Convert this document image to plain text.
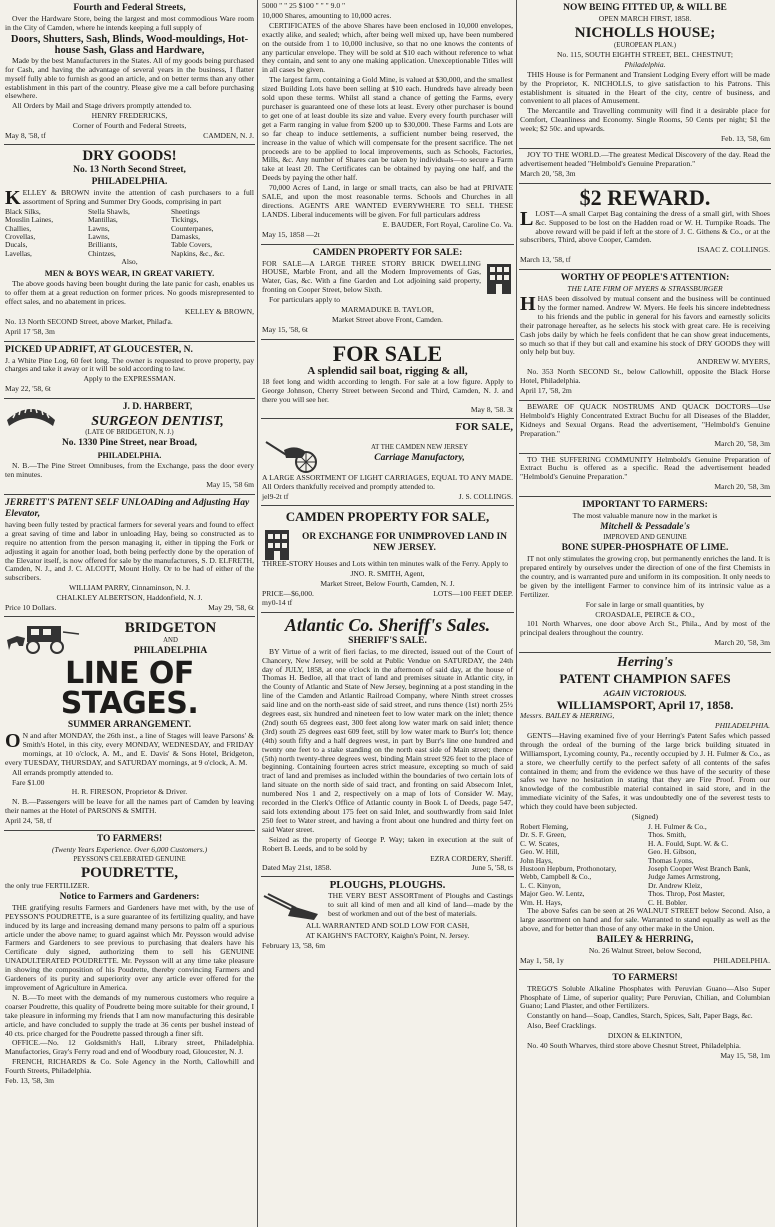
Fourth and Federal Streets,

Over the Hardware Store, being the largest and most commodious Ware room in the City of Camden, where he intends keeping a full supply of

Doors, Shutters, Sash, Blinds, Wood-mouldings, Hot-house Sash, Glass and Hardware,

Made by the best Manufacturers in the States. All of my goods being purchased for Cash, and having the advantage of several years in the business, I flatter myself fully able to furnish as good an article, and on better terms than any other establishment in this part of the country. Please give me a call before purchasing elsewhere.

All Orders by Mail and Stage drivers promptly attended to.

HENRY FREDERICKS,

Corner of Fourth and Federal Streets,

May 8, '58, tf	CAMDEN, N. J.
DRY GOODS!
No. 13 North Second Street,
PHILADELPHIA.

KELLEY & BROWN invite the attention of cash purchasers to a full assortment of Spring and Summer Dry Goods, comprising in part

Black Silks,	Stella Shawls,	Sheetings
Mouslin Laines,	Mantillas,	Tickings,
Challies,	Lawns,	Counterpanes,
Crovellas,	Lawns,	Damasks,
Ducals,	Brilliants,	Table Covers,
Lavellas,	Chintzes,	Napkins, &c., &c.

Also,

MEN & BOYS WEAR, IN GREAT VARIETY.

The above goods having been bought during the late panic for cash, enables us to offer them at a great reduction on former prices. No goods misrepresented to effect sales, and no abatement in prices.

KELLEY & BROWN,

No. 13 North SECOND Street, above Market, Philad'a.

April 17 '58, 3m

PICKED UP ADRIFT, AT GLOUCESTER, N.

J. a White Pine Log, 60 feet long. The owner is requested to prove property, pay charges and take it away or it will be sold according to law.

Apply to the EXPRESSMAN.

May 22, '58, 6t

J. D. HARBERT,
SURGEON DENTIST,

(LATE OF BRIDGETON, N. J.)

No. 1330 Pine Street, near Broad,
PHILADELPHIA.

N. B.—The Pine Street Omnibuses, from the Exchange, pass the door every ten minutes.

May 15, '58 6m

JERRETT'S PATENT SELF UNLOADing and Adjusting Hay Elevator,

having been fully tested by practical farmers for several years and found to effect a great saving of time and labor in unloading Hay, being so constructed as to require no attention from the person managing it, either in tipping the Fork or adjusting it again for another load, both being perfectly done by the operation of the Elevator itself, is now offered for sale by the manufacturers, S. D. ELFRETH, Camden, N. J., and J. C. ALCOTT, Mount Holly. Or to be had of either of the subscribers.

WILLIAM PARRY, Cinnaminson, N. J.

CHALKLEY ALBERTSON, Haddonfield, N. J.

Price 10 Dollars.	May 29, '58, 6t
BRIDGETON
AND
PHILADELPHIA
LINE OF STAGES.
SUMMER ARRANGEMENT.

O N and after MONDAY, the 26th inst., a line of Stages will leave Parsons' & Smith's Hotel, in this city, every MONDAY, WEDNESDAY, and FRIDAY mornings, at 10 o'clock, A. M., and E. Davis' & Sons Hotel, Bridgeton, every TUESDAY, THURSDAY, and SATURDAY mornings, at 9 o'clock, A. M.

All errands promptly attended to.

Fare $1.00

H. R. FIRESON, Proprietor & Driver.

N. B.—Passengers will be leave for all the names part of Camden by leaving their names at the Hotel of PARSONS & SMITH.

April 24, '58, tf

TO FARMERS!

(Twenty Years Experience. Over 6,000 Customers.)

PEYSSON'S CELEBRATED GENUINE

POUDRETTE,

the only true FERTILIZER.

Notice to Farmers and Gardeners:

THE gratifying results Farmers and Gardeners have met with, by the use of PEYSSON'S POUDRETTE, is a sure guarantee of its fertilizing quality, and have induced by its large and increasing demand many persons to palm off a spurious article under the above name; to guard against which Mr. Peysson would advise Farmers and Gardeners to see previous to purchasing that dealers have his Certificate duly signed, authorizing them to sell his GENUINE UNADULTERATED POUDRETTE. Mr. Peysson will at any time take pleasure in showing the composition of his Poudrette, thereby convincing Farmers and Gardeners of its purity and superiority over any article ever offered for the improvement of Agriculture in America.

N. B.—To meet with the demands of my numerous customers who require a coarser Poudrette, this quality of Poudrette being more suitable for their ground, I take pleasure in informing my friends that I am now manufacturing this desirable article, and have concluded to supply the trade at 36 cents per bushel instead of 40 cts. price charged for the Poudrette passed through a finer sift.

OFFICE.—No. 12 Goldsmith's Hall, Library street, Philadelphia. Manufactories, Gray's Ferry road and end of Woodbury road, Gloucester, N. J.

FRENCH, RICHARDS & Co. Sole Agency in the North, Callowhill and Fourth Streets, Philadelphia.

Feb. 13, '58, 3m

5000 " " 25 $100 " " " 9.0 "

10,000 Shares, amounting to 10,000 acres.

CERTIFICATES of the above Shares have been enclosed in 10,000 envelopes, exactly alike, and sealed; which, after being well mixed up, have been numbered on the outside from 1 to 10,000 inclusive, so that no one knows the contents of any particular envelope. They will be sold at $10 each without reference to what they contain, and sent to any one making application. Unexceptionable Titles will in all cases be given.

The largest farm, containing a Gold Mine, is valued at $30,000, and the smallest sized Building Lots have been selling at $10 each. Hundreds have already been sold upon these terms. Whilst all stand a chance of getting the Farms, every purchaser is guaranteed one of these lots at least. Every other purchaser is bound to get one of at least double its size and value. Every every fourth purchaser will get a Farm ranging in value from $200 up to $30,000. These Farms and Lots are so far cheap to induce settlements, a sufficient number being reserved, the increase in the value of which will compensate for the present sacrifice. The net proceeds are to be applied to local improvements, such as Schools, Factories, Mills, &c. Any number of Shares can be taken by individuals—to secure a Farm take at least 20. The Certificates can be obtained by paying one half, and the Deeds by paying the other half.

70,000 Acres of Land, in large or small tracts, can also be had at PRIVATE SALE, and upon the most reasonable terms. Schools and Churches in all directions. AGENTS ARE WANTED EVERYWHERE TO SELL THESE LANDS. Liberal inducements will be given. For full particulars address

E. BAUDER, Fort Royal, Caroline Co. Va.

May 15, 1858 —2t

CAMDEN PROPERTY FOR SALE:

FOR SALE—A LARGE THREE STORY BRICK DWELLING HOUSE, Marble Front, and all the Modern Improvements of Gas, Water, Gas, &c. With a fine Garden and Lot adjoining said property, fronting on Cooper Street, below Sixth.

For particulars apply to

MARMADUKE B. TAYLOR,

Market Street above Front, Camden.

May 15, '58, 6t

FOR SALE
A splendid sail boat, rigging & all,

18 feet long and width according to length. For sale at a low figure. Apply to George Johnson, Cherry Street between Second and Third, Camden, N. J. and there you will see her.

May 8, '58. 3t

FOR SALE,

AT THE CAMDEN NEW JERSEY

Carriage Manufactory,

A LARGE ASSORTMENT OF LIGHT CARRIAGES, EQUAL TO ANY MADE. All Orders thankfully received and promptly attended to.

jel9-2t tf	J. S. COLLINGS.
CAMDEN PROPERTY FOR SALE,
OR EXCHANGE FOR UNIMPROVED LAND IN NEW JERSEY.

THREE-STORY Houses and Lots within ten minutes walk of the Ferry. Apply to

JNO. R. SMITH, Agent,

Market Street, Below Fourth, Camden, N. J.

PRICE—$6,000.	LOTS—100 FEET DEEP.

my0-14 tf

Atlantic Co. Sheriff's Sales.
SHERIFF'S SALE.

BY Virtue of a writ of fieri facias, to me directed, issued out of the Court of Chancery, New Jersey, will be sold at Public Vendue on SATURDAY, the 24th day of JULY, 1858, at one o'clock in the afternoon of said day, at the house of Thomas H. Bedloe, all that tract of land and premises situate in Atlantic city, in the County of Atlantic and State of New Jersey, beginning at a post standing in the line of the Camden and Atlantic Railroad Company, where Ninth street crosses said line and on the north-east side of said street, and runs thence (1st) north 25½ degrees east, six hundred and nineteen feet to low water mark on the inlet; thence (2nd) south 65 degrees east, 300 feet along low water mark on said inlet; thence (3rd) south 25 degrees east 609 feet, still by low water mark to Burr's lot; thence (4th) south fifty and a half degrees west, in part by Burr's line one hundred and twenty one feet to a stake standing on the north east side of Main street; thence (5th) north twenty-three degrees west, binding Main street 926 feet to the place of beginning. Containing fourteen acres strict measure, excepting so much of said tract of land and premises as included within the boundaries of two certain lots of land situate on the north side of said tract, and fronting on said Absecom Inlet, numbered Nos 1 and 2, respectively on a map of lots of Consider W. May, recorded in the Clerk's Office of Atlantic county in Book L of Deeds, page 547, said lots extending about 175 feet on said Inlet, and southwardly from said Inlet 250 feet to Water street, and having a front about one hundred and thirty feet on said Water street.

Seized as the property of George P. Way; taken in execution at the suit of Robert B. Leeds, and to be sold by

EZRA CORDERY, Sheriff.

Dated May 21st, 1858.	June 5, '58, ts
PLOUGHS, PLOUGHS.

THE VERY BEST ASSORTment of Ploughs and Castings to suit all kind of men and all kind of land—made by the best of workmen and out of the best of materials.

ALL WARRANTED AND SOLD LOW FOR CASH,

AT KAIGHN'S FACTORY, Kaighn's Point, N. Jersey.

February 13, '58, 6m

NOW BEING FITTED UP, & WILL BE

OPEN MARCH FIRST, 1858.

NICHOLLS HOUSE;

(EUROPEAN PLAN.)

No. 115, SOUTH EIGHTH STREET, BEL. CHESTNUT;

Philadelphia.

THIS House is for Permanent and Transient Lodging Every effort will be made by the Proprietor, K. NICHOLLS, to give satisfaction to his Patrons. This establishment is situated in the Heart of the city, centre of business, and convenient to all places of Amusement.

The Mercantile and Travelling community will find it a desirable place for Comfort, Cleanliness and Economy. Single Rooms, 50 Cents per night; $1 the week; $2 50c. and upwards.

Feb. 13, '58, 6m

JOY TO THE WORLD.—The greatest Medical Discovery of the day. Read the advertisement headed "Helmbold's Genuine Preparation."

March 20, '58, 3m

$2 REWARD.

LLOST—A small Carpet Bag containing the dress of a small girl, with Shoes &c. Supposed to be lost on the Hadden road or W. H. Turnpike Roads. The above reward will be paid if left at the store of J. C. Githens & Co., or at the subscribers, Third, above Cooper, Camden.

ISAAC Z. COLLINGS.

March 13, '58, tf

WORTHY OF PEOPLE'S ATTENTION:

THE LATE FIRM OF MYERS & STRASSBURGER

HHAS been dissolved by mutual consent and the business will be continued by the former named. Andrew W. Myers. He feels his sincere indebtedness to his friends and the public in general for his favors and earnestly solicits their patronage hereafter, as he selects his stock with great care. He is receiving Cash jobs daily by which he feels confident that he can show great inducements, so much so that if they but call and examine his stock of DRY GOODS they will only help but buy.

ANDREW W. MYERS,

No. 353 North SECOND St., below Callowhill, opposite the Black Horse Hotel, Philadelphia.

April 17, '58, 2m

BEWARE OF QUACK NOSTRUMS AND QUACK DOCTORS—Use Helmbold's Highly Concentrated Extract Buchu for all Diseases of the Bladder, Kidneys and Sexual Organs. Read the advertisement, "Helmbold's Genuine Preparation."

March 20, '58, 3m

TO THE SUFFERING COMMUNITY Helmbold's Genuine Preparation of Extract Buchu is offered as a specific. Read the advertisement headed "Helmbold's Genuine Preparation."

March 20, '58, 3m

IMPORTANT TO FARMERS:

The most valuable manure now in the market is

Mitchell & Pessadale's

IMPROVED AND GENUINE

BONE SUPER-PHOSPHATE OF LIME.

IT not only stimulates the growing crop, but permanently enriches the land. It is prepared entirely by ourselves under the direction of one of the first Chemists in the country, and is warranted pure and uniform in its composition. It only needs to be given by the intelligent Farmer to convince him of its intrinsic value as a Fertilizer.

For sale in large or small quantities, by

CROASDALE, PEIRCE & CO.,

101 North Wharves, one door above Arch St., Phila., And by most of the principal dealers throughout the country.

March 20, '58, 3m

Herring's
PATENT CHAMPION SAFES
AGAIN VICTORIOUS.
WILLIAMSPORT, April 17, 1858.

Messrs. BAILEY & HERRING,

PHILADELPHIA.

GENTS—Having examined five of your Herring's Patent Safes which passed through the ordeal of the burning of the large brick building situated in Williamsport, Lycoming county, Pa., recently occupied by J. H. Fulmer & Co., as a store, we cheerfully certify to the perfect safety of all contents of the safes contained in them; and from the evidence we thus have of the security of these safes we have no hesitation in stating that they are Fire Proof. From our knowledge of the combustible material contained in said store, and in the immediate vicinity of the Safes, it was undoubtedly one of the severest tests to which they could have been subjected.

(Signed)

Robert Fleming,	J. H. Fulmer & Co.,
Dr. S. F. Green,	Thos. Smith,
C. W. Scates,	H. A. Fould, Supt. W. & C.
Geo. W. Hill,	Geo. H. Gibson,
John Hays,	Thomas Lyons,
Hustoon Hepburn, Prothonotary,	Joseph Cooper West Branch Bank,
Webb, Campbell & Co.,	Judge James Armstrong,
L. C. Kinyon,	Dr. Andrew Kleiz,
Major Geo. W. Lentz,	Thos. Throp, Post Master,
Wm. H. Hays,	C. H. Bobler.

The above Safes can be seen at 26 WALNUT STREET below Second. Also, a large assortment on hand and for sale. Warranted to stand equally as well as the above, and for better than those of any other make in the Union.

BAILEY & HERRING,

No. 26 Walnut Street, below Second,

May 1, '58, 1y	PHILADELPHIA.
TO FARMERS!

TREGO'S Soluble Alkaline Phosphates with Peruvian Guano—Also Super Phosphate of Lime, of superior quality; Pure Peruvian, Chilian, and Columbian Guano; Land Plaster, and other Fertilizers.

Constantly on hand—Soap, Candles, Starch, Spices, Salt, Paper Bags, &c.

Also, Beef Cracklings.

DIXON & ELKINTON,

No. 40 South Wharves, third store above Chesnut Street, Philadelphia.

May 15, '58, 1m
